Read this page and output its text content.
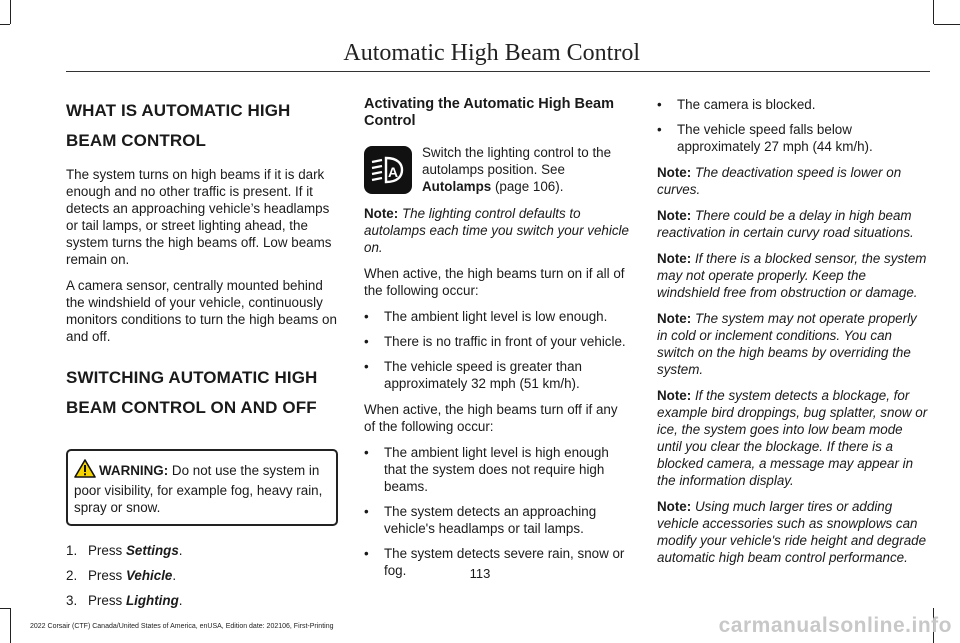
Automatic High Beam Control
WHAT IS AUTOMATIC HIGH BEAM CONTROL

The system turns on high beams if it is dark enough and no other traffic is present. If it detects an approaching vehicle’s headlamps or tail lamps, or street lighting ahead, the system turns the high beams off. Low beams remain on.

A camera sensor, centrally mounted behind the windshield of your vehicle, continuously monitors conditions to turn the high beams on and off.

SWITCHING AUTOMATIC HIGH BEAM CONTROL ON AND OFF
WARNING: Do not use the system in poor visibility, for example fog, heavy rain, spray or snow.
1. Press Settings.
2. Press Vehicle.
3. Press Lighting.
Activating the Automatic High Beam Control
A
Switch the lighting control to the autolamps position. See Autolamps (page 106).

Note: The lighting control defaults to autolamps each time you switch your vehicle on.

When active, the high beams turn on if all of the following occur:

•	The ambient light level is low enough.
•	There is no traffic in front of your vehicle.
•	The vehicle speed is greater than approximately 32 mph (51 km/h).

When active, the high beams turn off if any of the following occur:

•	The ambient light level is high enough that the system does not require high beams.
•	The system detects an approaching vehicle's headlamps or tail lamps.
•	The system detects severe rain, snow or fog.
•	The camera is blocked.
•	The vehicle speed falls below approximately 27 mph (44 km/h).

Note: The deactivation speed is lower on curves.

Note: There could be a delay in high beam reactivation in certain curvy road situations.

Note: If there is a blocked sensor, the system may not operate properly. Keep the windshield free from obstruction or damage.

Note: The system may not operate properly in cold or inclement conditions. You can switch on the high beams by overriding the system.

Note: If the system detects a blockage, for example bird droppings, bug splatter, snow or ice, the system goes into low beam mode until you clear the blockage. If there is a blocked camera, a message may appear in the information display.

Note: Using much larger tires or adding vehicle accessories such as snowplows can modify your vehicle's ride height and degrade automatic high beam control performance.

113
2022 Corsair (CTF) Canada/United States of America, enUSA, Edition date: 202106, First-Printing	carmanualsonline.info
